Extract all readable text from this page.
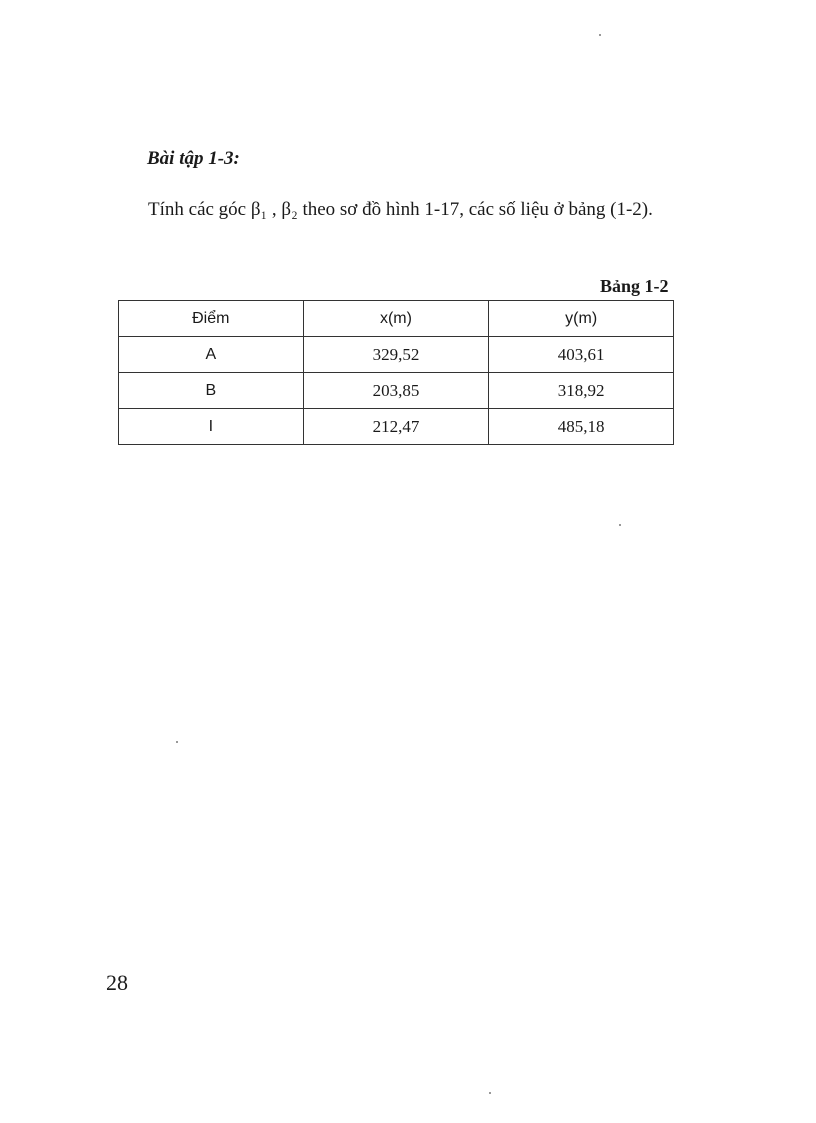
Bài tập 1-3:

Tính các góc β₁ , β₂ theo sơ đồ hình 1-17, các số liệu ở bảng (1-2).

Bảng 1-2
Điểm	x(m)	y(m)
A	329,52	403,61
B	203,85	318,92
I	212,47	485,18
28
